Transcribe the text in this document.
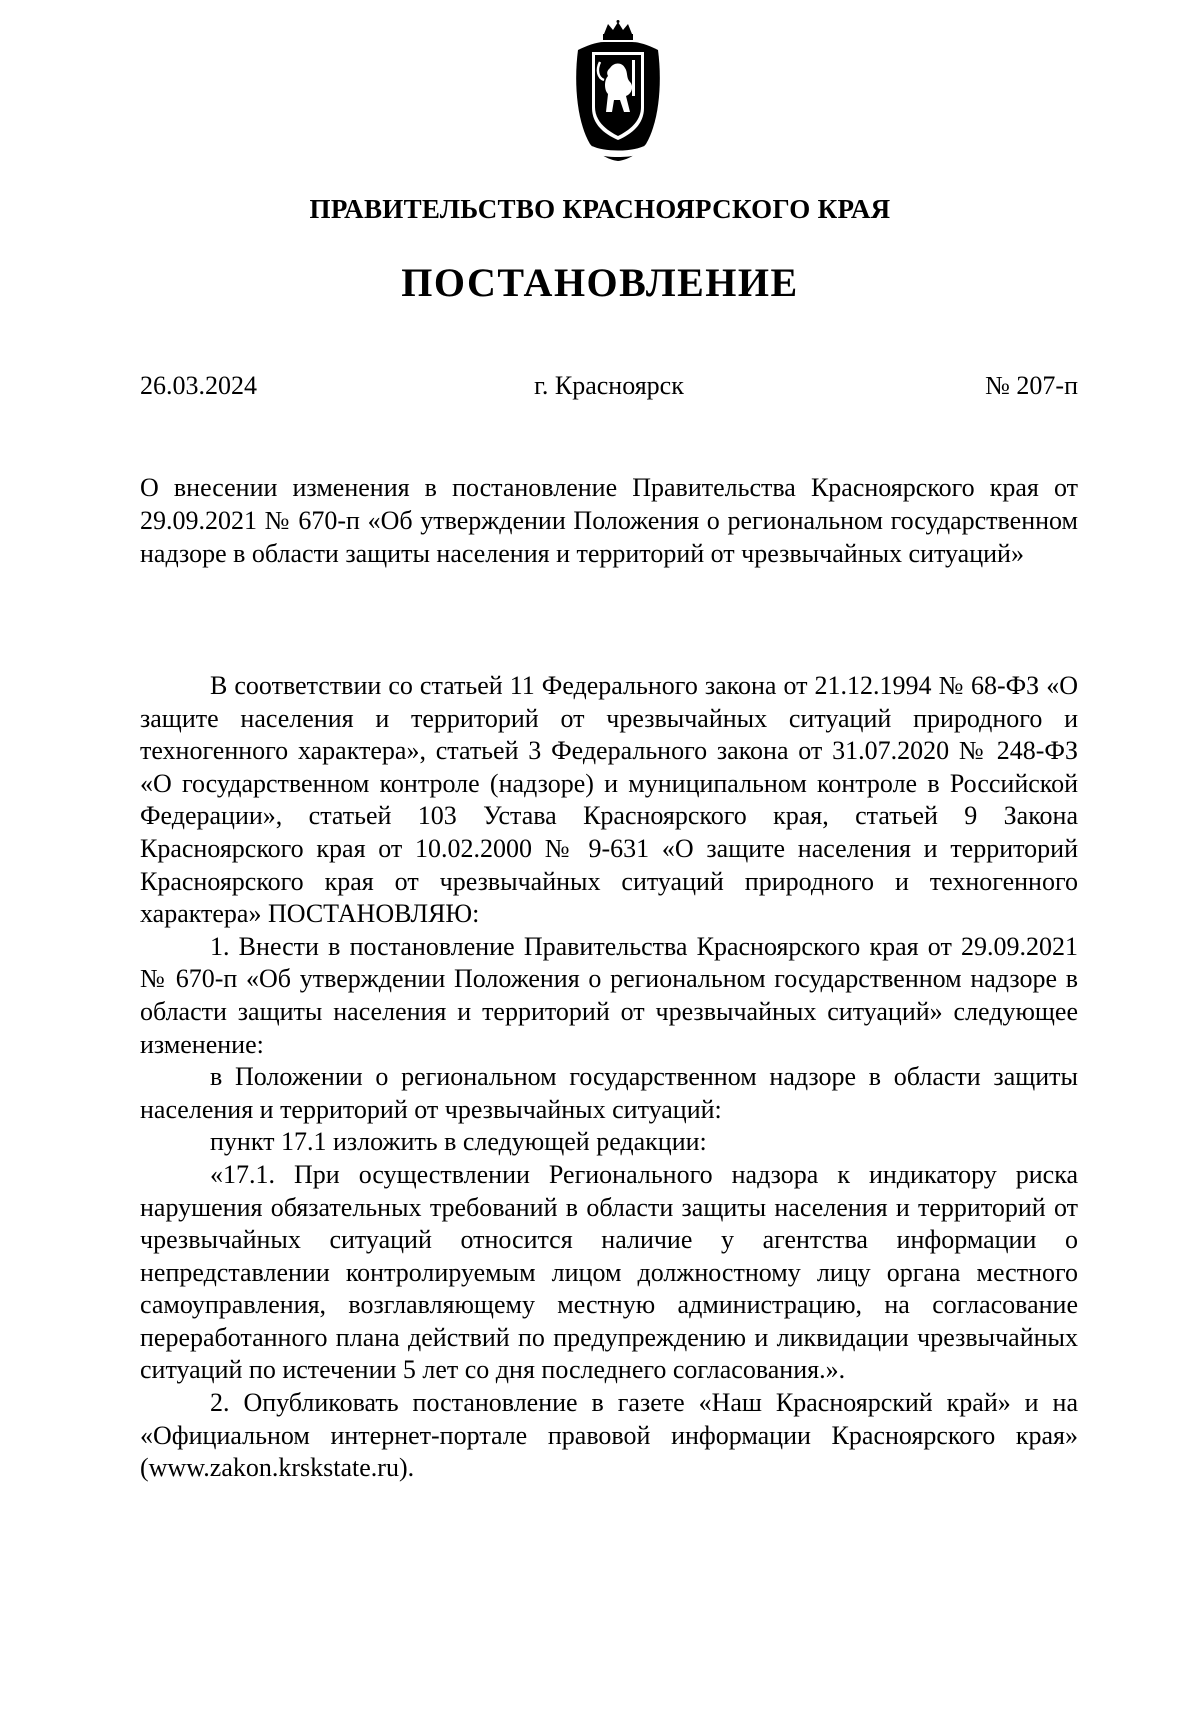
ПРАВИТЕЛЬСТВО КРАСНОЯРСКОГО КРАЯ
ПОСТАНОВЛЕНИЕ
26.03.2024	г. Красноярск	№ 207-п
О внесении изменения в постановление Правительства Красноярского края от 29.09.2021 № 670-п «Об утверждении Положения о региональном государственном надзоре в области защиты населения и территорий от чрезвычайных ситуаций»

В соответствии со статьей 11 Федерального закона от 21.12.1994 № 68-ФЗ «О защите населения и территорий от чрезвычайных ситуаций природного и техногенного характера», статьей 3 Федерального закона от 31.07.2020 № 248-ФЗ «О государственном контроле (надзоре) и муниципальном контроле в Российской Федерации», статьей 103 Устава Красноярского края, статьей 9 Закона Красноярского края от 10.02.2000 № 9-631 «О защите населения и территорий Красноярского края от чрезвычайных ситуаций природного и техногенного характера» ПОСТАНОВЛЯЮ:

1. Внести в постановление Правительства Красноярского края от 29.09.2021 № 670-п «Об утверждении Положения о региональном государственном надзоре в области защиты населения и территорий от чрезвычайных ситуаций» следующее изменение:

в Положении о региональном государственном надзоре в области защиты населения и территорий от чрезвычайных ситуаций:

пункт 17.1 изложить в следующей редакции:

«17.1. При осуществлении Регионального надзора к индикатору риска нарушения обязательных требований в области защиты населения и территорий от чрезвычайных ситуаций относится наличие у агентства информации о непредставлении контролируемым лицом должностному лицу органа местного самоуправления, возглавляющему местную администрацию, на согласование переработанного плана действий по предупреждению и ликвидации чрезвычайных ситуаций по истечении 5 лет со дня последнего согласования.».

2. Опубликовать постановление в газете «Наш Красноярский край» и на «Официальном интернет-портале правовой информации Красноярского края» (www.zakon.krskstate.ru).
